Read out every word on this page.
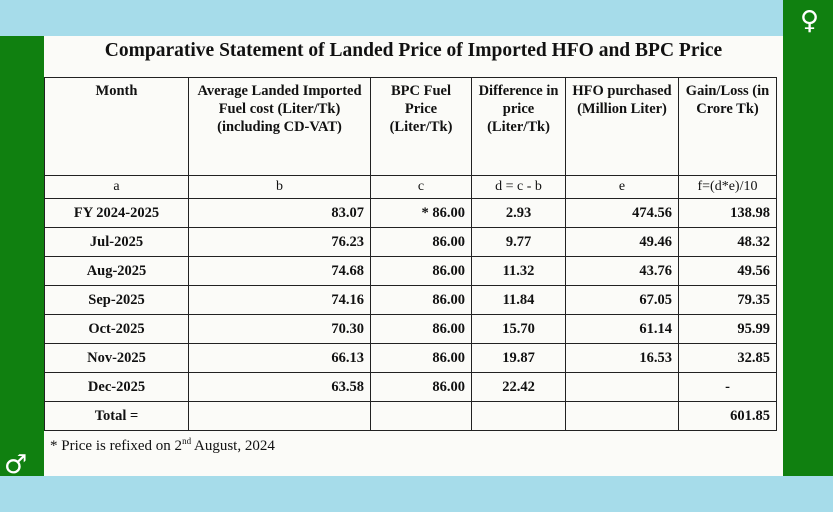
♀
♂
Comparative Statement of Landed Price of Imported HFO and BPC Price
Month	Average Landed Imported Fuel cost (Liter/Tk) (including CD-VAT)	BPC Fuel Price (Liter/Tk)	Difference in price (Liter/Tk)	HFO purchased (Million Liter)	Gain/Loss (in Crore Tk)
a	b	c	d = c - b	e	f=(d*e)/10
FY 2024-2025	83.07	* 86.00	2.93	474.56	138.98
Jul-2025	76.23	86.00	9.77	49.46	48.32
Aug-2025	74.68	86.00	11.32	43.76	49.56
Sep-2025	74.16	86.00	11.84	67.05	79.35
Oct-2025	70.30	86.00	15.70	61.14	95.99
Nov-2025	66.13	86.00	19.87	16.53	32.85
Dec-2025	63.58	86.00	22.42		-
Total =					601.85
* Price is refixed on 2nd August, 2024
